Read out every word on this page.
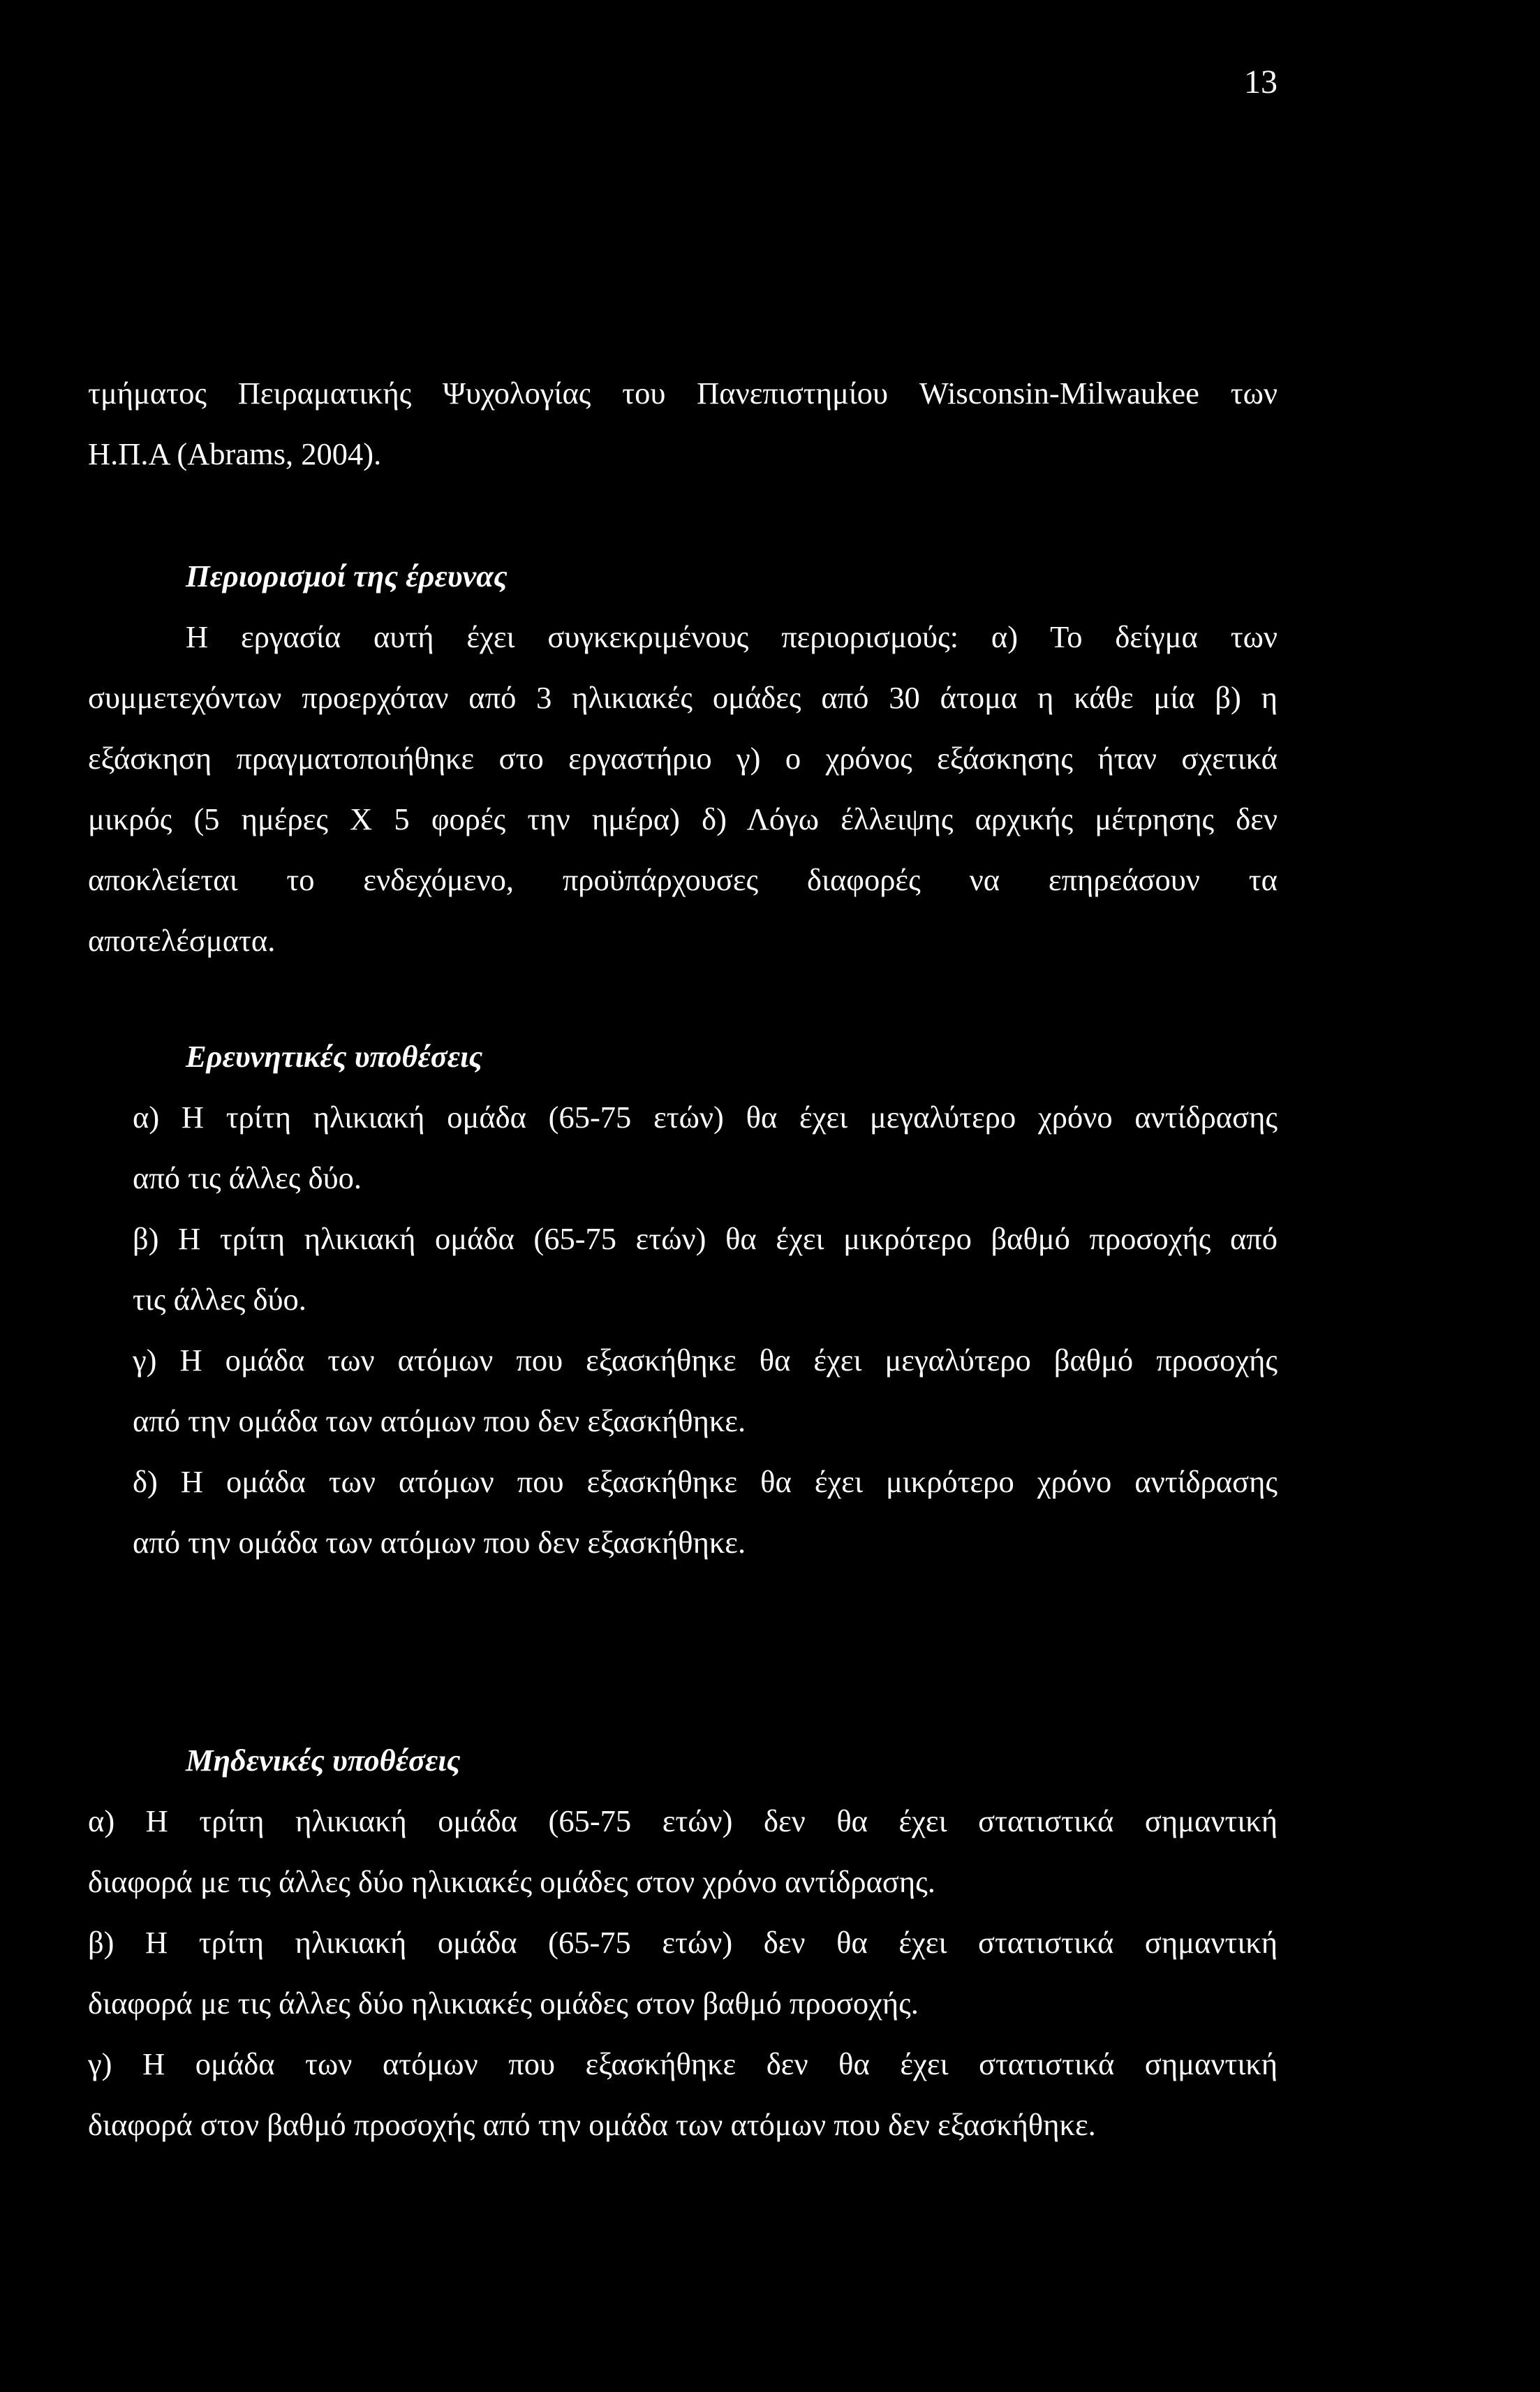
13

τμήματος Πειραματικής Ψυχολογίας του Πανεπιστημίου Wisconsin-Milwaukee των

Η.Π.Α (Abrams, 2004).

Περιορισμοί της έρευνας

Η εργασία αυτή έχει συγκεκριμένους περιορισμούς: α) Το δείγμα των

συμμετεχόντων προερχόταν από 3 ηλικιακές ομάδες από 30 άτομα η κάθε μία β) η

εξάσκηση πραγματοποιήθηκε στο εργαστήριο γ) ο χρόνος εξάσκησης ήταν σχετικά

μικρός (5 ημέρες Χ 5 φορές την ημέρα) δ) Λόγω έλλειψης αρχικής μέτρησης δεν

αποκλείεται το ενδεχόμενο, προϋπάρχουσες διαφορές να επηρεάσουν τα

αποτελέσματα.

Ερευνητικές υποθέσεις

α) Η τρίτη ηλικιακή ομάδα (65-75 ετών) θα έχει μεγαλύτερο χρόνο αντίδρασης

από τις άλλες δύο.

β) Η τρίτη ηλικιακή ομάδα (65-75 ετών) θα έχει μικρότερο βαθμό προσοχής από

τις άλλες δύο.

γ) Η ομάδα των ατόμων που εξασκήθηκε θα έχει μεγαλύτερο βαθμό προσοχής

από την ομάδα των ατόμων που δεν εξασκήθηκε.

δ) Η ομάδα των ατόμων που εξασκήθηκε θα έχει μικρότερο χρόνο αντίδρασης

από την ομάδα των ατόμων που δεν εξασκήθηκε.

Μηδενικές υποθέσεις

α) Η τρίτη ηλικιακή ομάδα (65-75 ετών) δεν θα έχει στατιστικά σημαντική

διαφορά με τις άλλες δύο ηλικιακές ομάδες στον χρόνο αντίδρασης.

β) Η τρίτη ηλικιακή ομάδα (65-75 ετών) δεν θα έχει στατιστικά σημαντική

διαφορά με τις άλλες δύο ηλικιακές ομάδες στον βαθμό προσοχής.

γ) Η ομάδα των ατόμων που εξασκήθηκε δεν θα έχει στατιστικά σημαντική

διαφορά στον βαθμό προσοχής από την ομάδα των ατόμων που δεν εξασκήθηκε.
